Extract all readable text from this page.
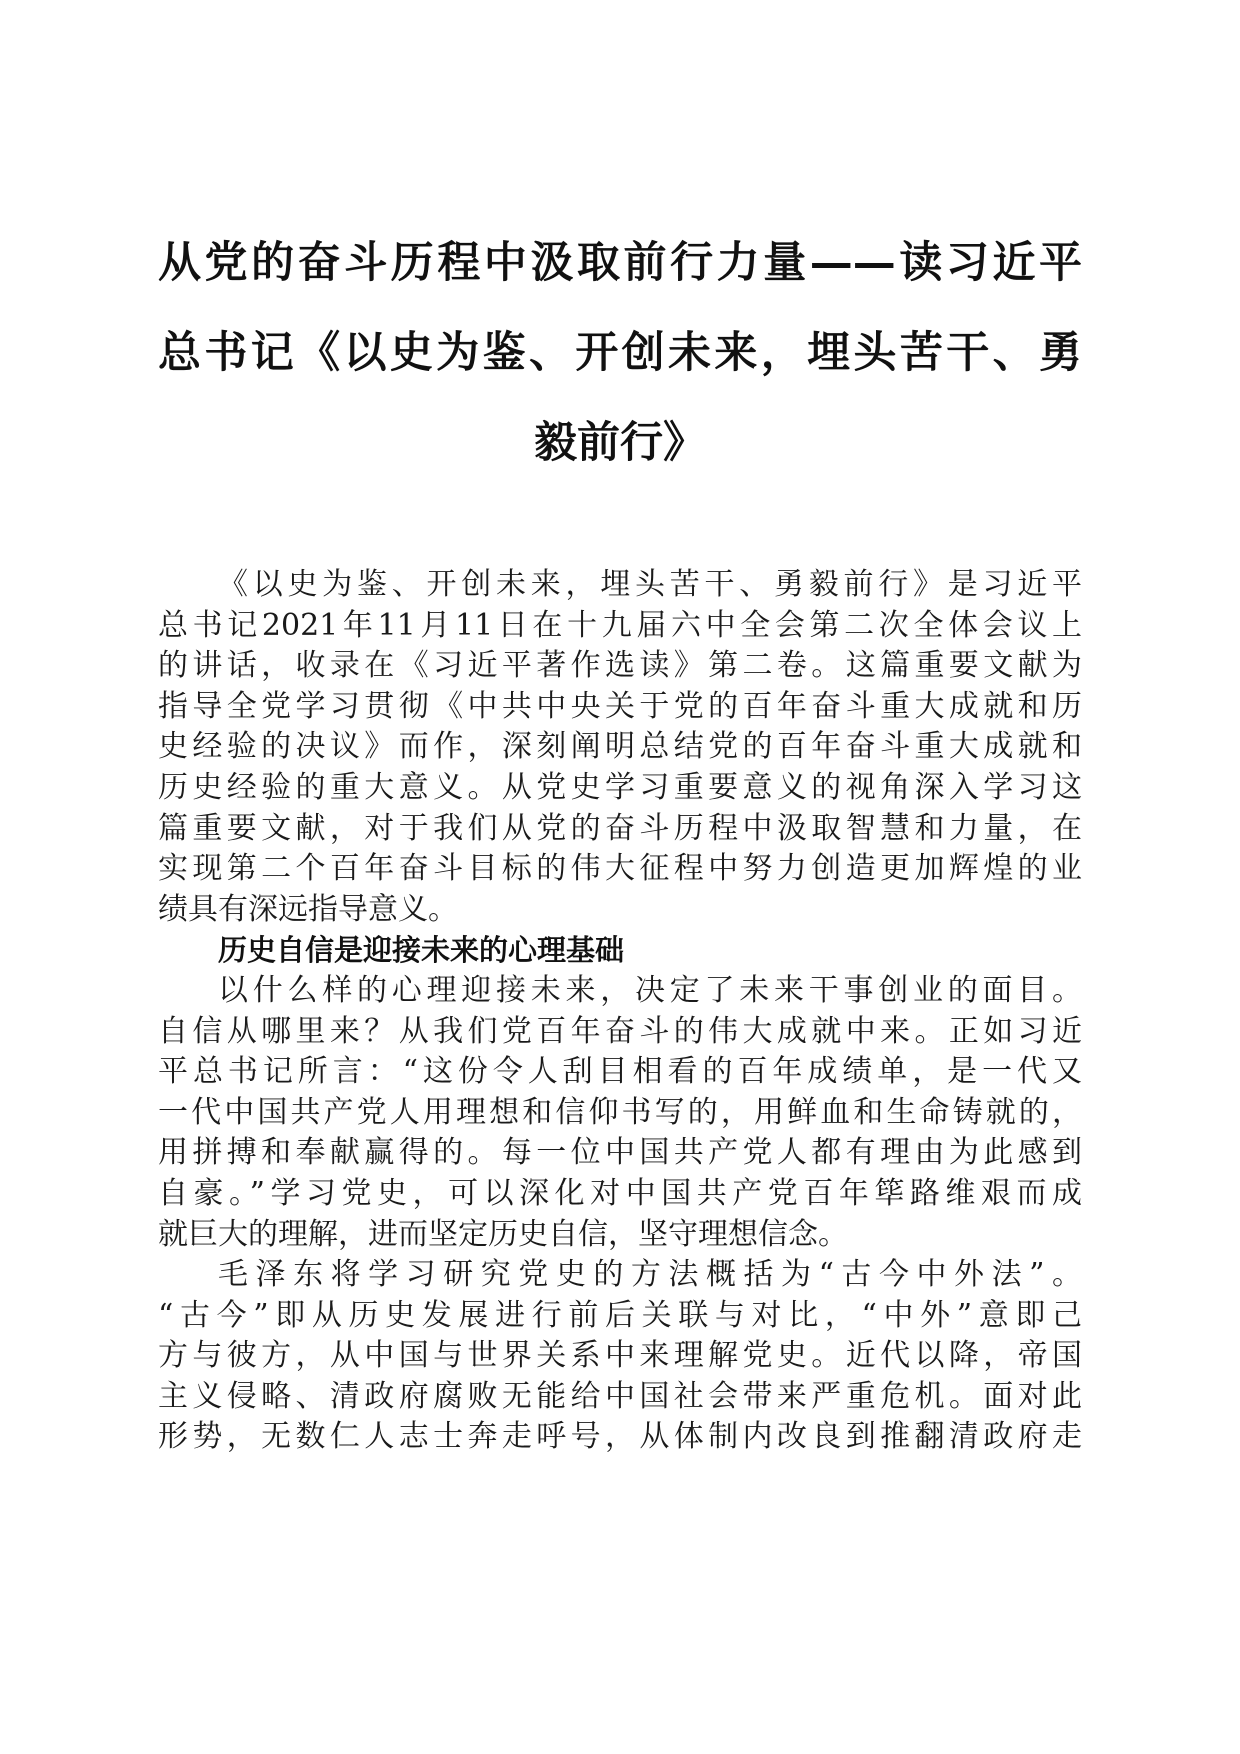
从党的奋斗历程中汲取前行力量——读习近平
总书记《以史为鉴、开创未来，埋头苦干、勇
毅前行》

《以史为鉴、开创未来，埋头苦干、勇毅前行》是习近平
总书记2021年11月11日在十九届六中全会第二次全体会议上
的讲话，收录在《习近平著作选读》第二卷。这篇重要文献为
指导全党学习贯彻《中共中央关于党的百年奋斗重大成就和历
史经验的决议》而作，深刻阐明总结党的百年奋斗重大成就和
历史经验的重大意义。从党史学习重要意义的视角深入学习这
篇重要文献，对于我们从党的奋斗历程中汲取智慧和力量，在
实现第二个百年奋斗目标的伟大征程中努力创造更加辉煌的业
绩具有深远指导意义。

历史自信是迎接未来的心理基础

以什么样的心理迎接未来，决定了未来干事创业的面目。
自信从哪里来？从我们党百年奋斗的伟大成就中来。正如习近
平总书记所言：“这份令人刮目相看的百年成绩单，是一代又
一代中国共产党人用理想和信仰书写的，用鲜血和生命铸就的，
用拼搏和奉献赢得的。每一位中国共产党人都有理由为此感到
自豪。”学习党史，可以深化对中国共产党百年筚路维艰而成
就巨大的理解，进而坚定历史自信，坚守理想信念。

毛泽东将学习研究党史的方法概括为“古今中外法”。
“古今”即从历史发展进行前后关联与对比，“中外”意即己
方与彼方，从中国与世界关系中来理解党史。近代以降，帝国
主义侵略、清政府腐败无能给中国社会带来严重危机。面对此
形势，无数仁人志士奔走呼号，从体制内改良到推翻清政府走
